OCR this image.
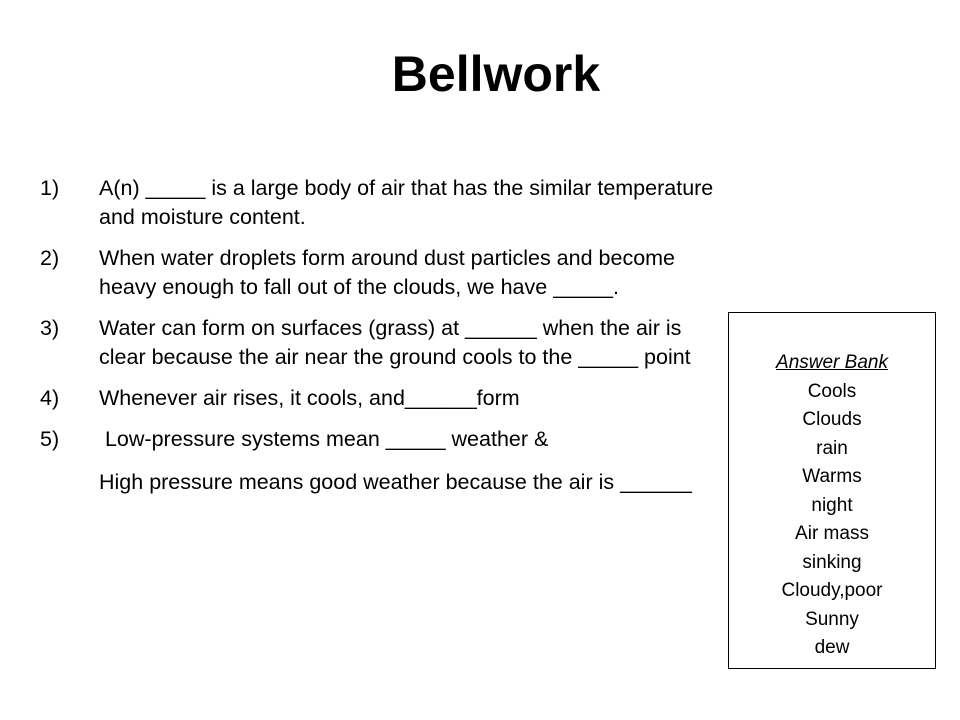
Bellwork
1) A(n) _____ is a large body of air that has the similar temperature and moisture content.
2) When water droplets form around dust particles and become heavy enough to fall out of the clouds, we have _____.
3) Water can form on surfaces (grass) at ______ when the air is clear because the air near the ground cools to the _____ point
4) Whenever air rises, it cools, and______form
5) Low-pressure systems mean _____ weather &
High pressure means good weather because the air is ______
Answer Bank
Cools
Clouds
rain
Warms
night
Air mass
sinking
Cloudy,poor
Sunny
dew
